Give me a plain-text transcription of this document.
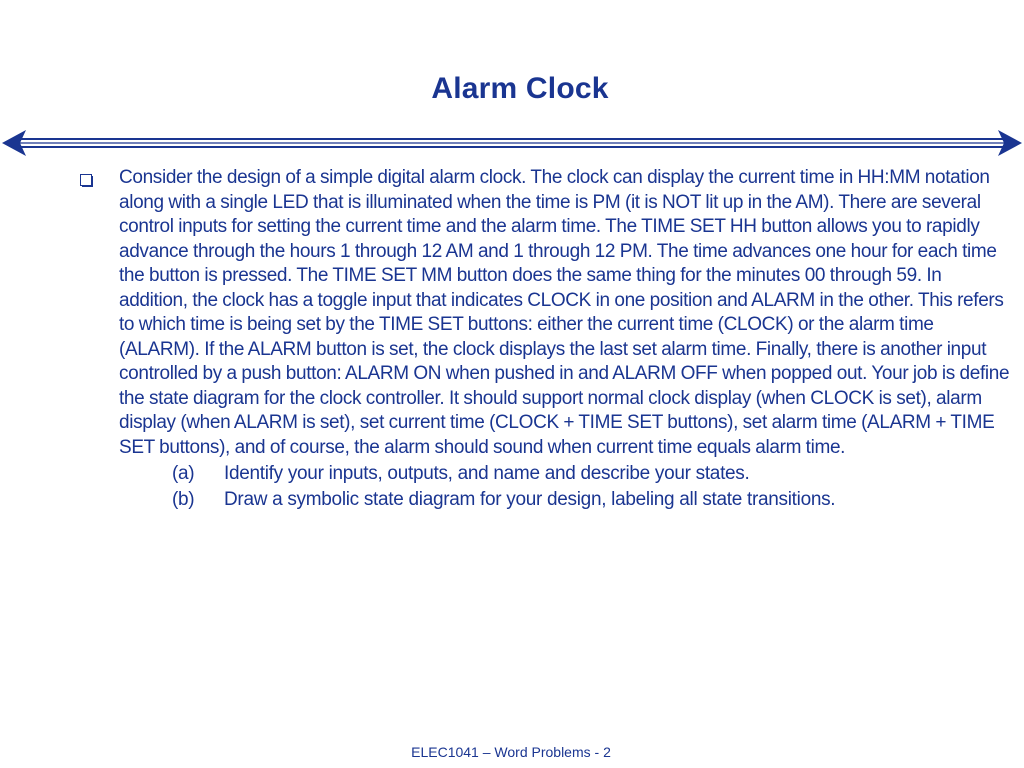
Alarm Clock

Consider the design of a simple digital alarm clock. The clock can display the current time in HH:MM notation along with a single LED that is illuminated when the time is PM (it is NOT lit up in the AM). There are several control inputs for setting the current time and the alarm time. The TIME SET HH button allows you to rapidly advance through the hours 1 through 12 AM and 1 through 12 PM. The time advances one hour for each time the button is pressed. The TIME SET MM button does the same thing for the minutes 00 through 59. In addition, the clock has a toggle input that indicates CLOCK in one position and ALARM in the other. This refers to which time is being set by the TIME SET buttons: either the current time (CLOCK) or the alarm time (ALARM). If the ALARM button is set, the clock displays the last set alarm time. Finally, there is another input controlled by a push button: ALARM ON when pushed in and ALARM OFF when popped out. Your job is define the state diagram for the clock controller. It should support normal clock display (when CLOCK is set), alarm display (when ALARM is set), set current time (CLOCK + TIME SET buttons), set alarm time (ALARM + TIME SET buttons), and of course, the alarm should sound when current time equals alarm time.

(a)	Identify your inputs, outputs, and name and describe your states.
(b)	Draw a symbolic state diagram for your design, labeling all state transitions.
ELEC1041 – Word Problems - 2
